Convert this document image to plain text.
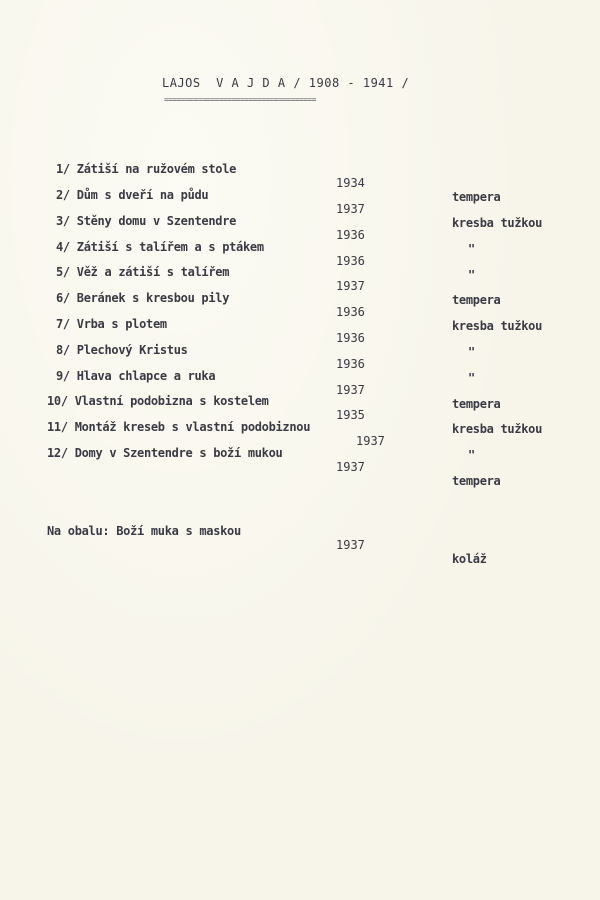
LAJOS  V A J D A / 1908 - 1941 /
====================================

1/ Zátiší na ružovém stole

1934

tempera

2/ Dům s dveří na půdu

1937

kresba tužkou

3/ Stěny domu v Szentendre

1936

"

4/ Zátiší s talířem a s ptákem

1936

"

5/ Věž a zátiší s talířem

1937

tempera

6/ Beránek s kresbou pily

1936

kresba tužkou

7/ Vrba s plotem

1936

"

8/ Plechový Kristus

1936

"

9/ Hlava chlapce a ruka

1937

tempera

10/ Vlastní podobizna s kostelem

1935

kresba tužkou

11/ Montáž kreseb s vlastní podobiznou

1937

"

12/ Domy v Szentendre s boží mukou

1937

tempera

Na obalu: Boží muka s maskou

1937

koláž
